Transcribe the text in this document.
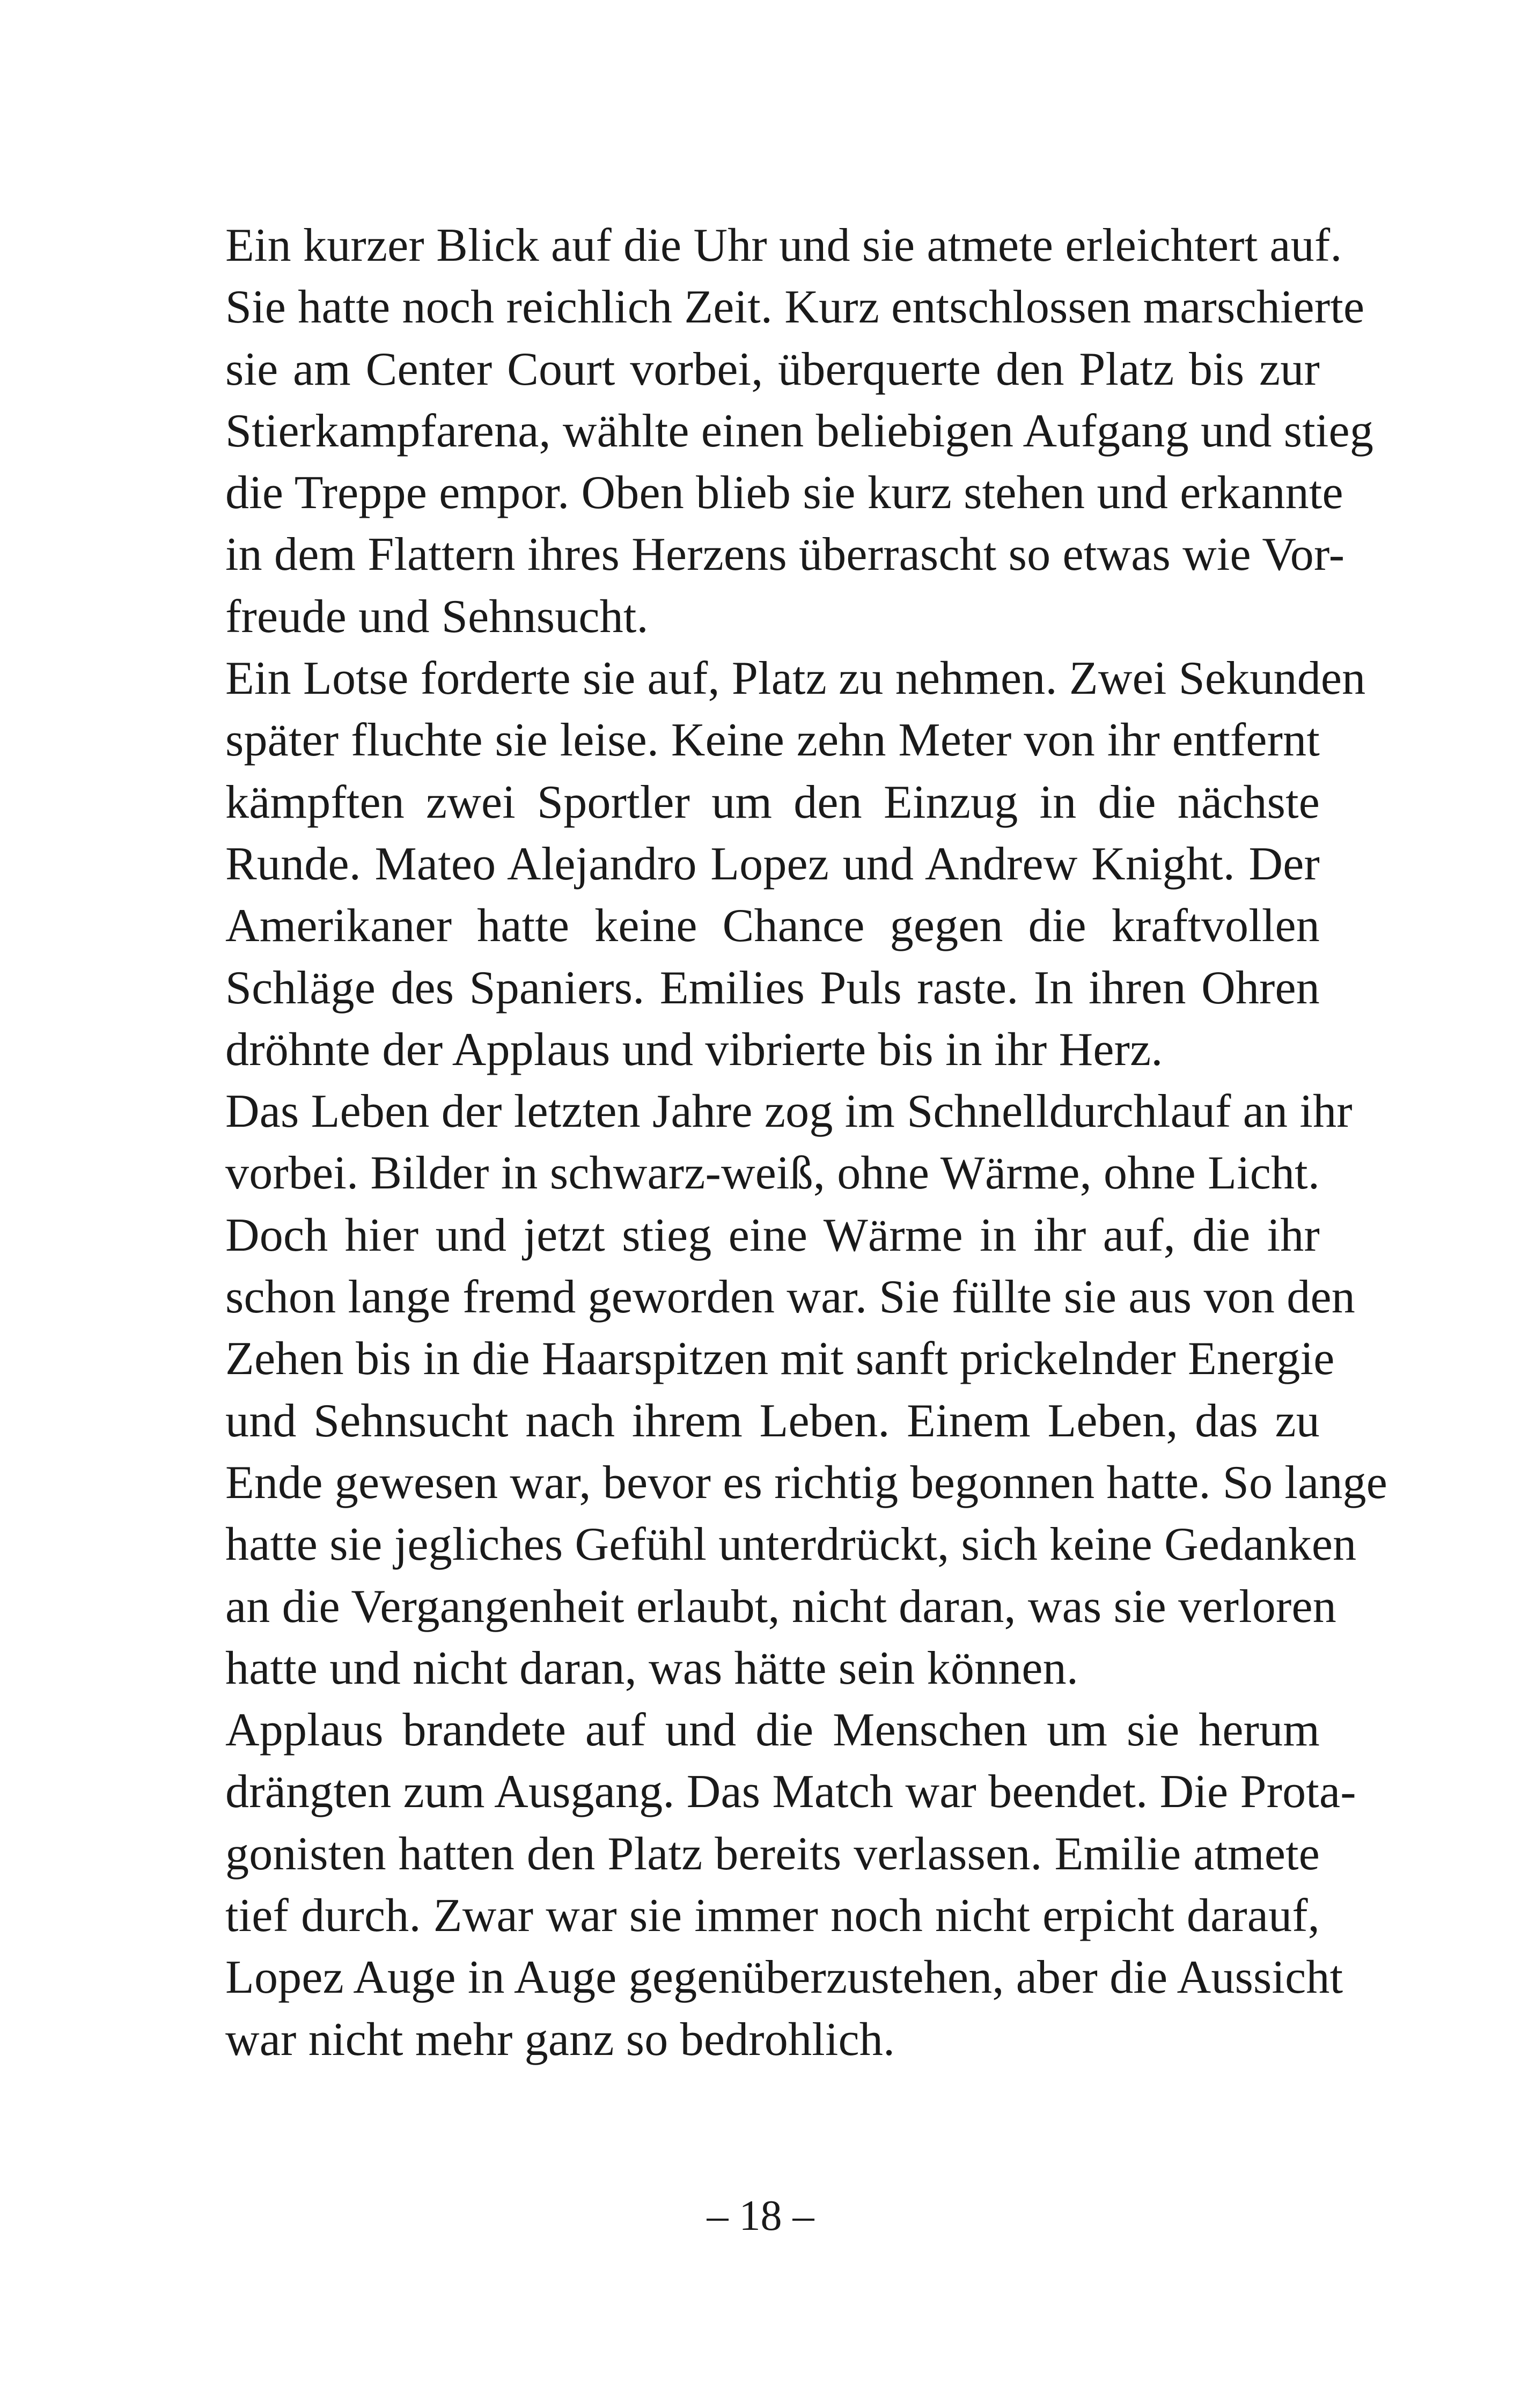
Ein kurzer Blick auf die Uhr und sie atmete erleichtert auf.
Sie hatte noch reichlich Zeit. Kurz entschlossen marschierte
sie am Center Court vorbei, überquerte den Platz bis zur
Stierkampfarena, wählte einen beliebigen Aufgang und stieg
die Treppe empor. Oben blieb sie kurz stehen und erkannte
in dem Flattern ihres Herzens überrascht so etwas wie Vor-
freude und Sehnsucht.
Ein Lotse forderte sie auf, Platz zu nehmen. Zwei Sekunden
später fluchte sie leise. Keine zehn Meter von ihr entfernt
kämpften zwei Sportler um den Einzug in die nächste
Runde. Mateo Alejandro Lopez und Andrew Knight. Der
Amerikaner hatte keine Chance gegen die kraftvollen
Schläge des Spaniers. Emilies Puls raste. In ihren Ohren
dröhnte der Applaus und vibrierte bis in ihr Herz.
Das Leben der letzten Jahre zog im Schnelldurchlauf an ihr
vorbei. Bilder in schwarz-weiß, ohne Wärme, ohne Licht.
Doch hier und jetzt stieg eine Wärme in ihr auf, die ihr
schon lange fremd geworden war. Sie füllte sie aus von den
Zehen bis in die Haarspitzen mit sanft prickelnder Energie
und Sehnsucht nach ihrem Leben. Einem Leben, das zu
Ende gewesen war, bevor es richtig begonnen hatte. So lange
hatte sie jegliches Gefühl unterdrückt, sich keine Gedanken
an die Vergangenheit erlaubt, nicht daran, was sie verloren
hatte und nicht daran, was hätte sein können.
Applaus brandete auf und die Menschen um sie herum
drängten zum Ausgang. Das Match war beendet. Die Prota-
gonisten hatten den Platz bereits verlassen. Emilie atmete
tief durch. Zwar war sie immer noch nicht erpicht darauf,
Lopez Auge in Auge gegenüberzustehen, aber die Aussicht
war nicht mehr ganz so bedrohlich.
– 18 –
